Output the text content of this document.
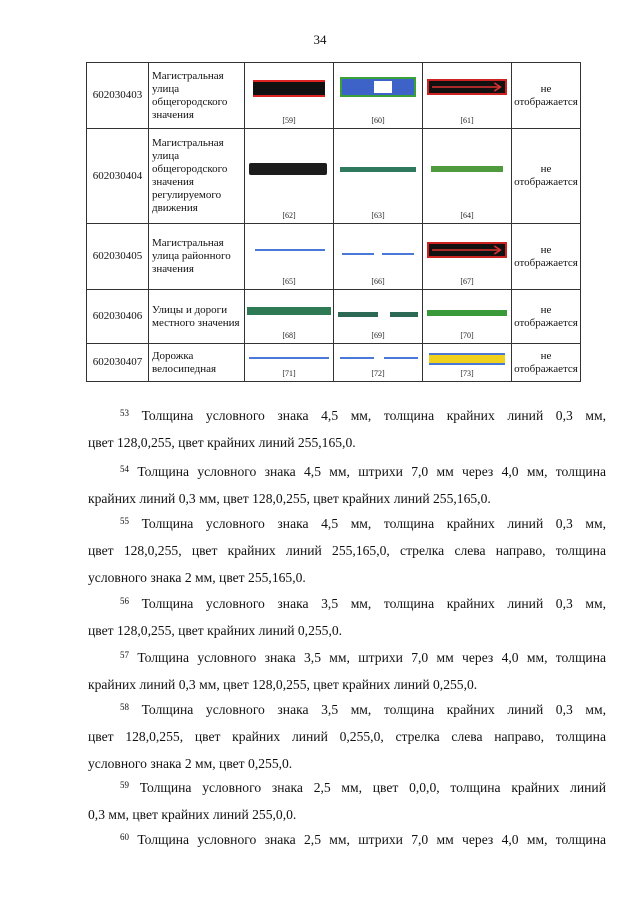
34
602030403	Магистральная улица общегородского значения	[59]	[60]	[61]	не отображается
602030404	Магистральная улица общегородского значения регулируемого движения	[62]	[63]	[64]	не отображается
602030405	Магистральная улица районного значения	[65]	[66]	[67]	не отображается
602030406	Улицы и дороги местного значения	[68]	[69]	[70]	не отображается
602030407	Дорожка велосипедная	[71]	[72]	[73]	не отображается
$^{53}$ Толщина условного знака 4,5 мм, толщина крайних линий 0,3 мм,
цвет 128,0,255, цвет крайних линий 255,165,0.
$^{54}$ Толщина условного знака 4,5 мм, штрихи 7,0 мм через 4,0 мм, толщина
крайних линий 0,3 мм, цвет 128,0,255, цвет крайних линий 255,165,0.
$^{55}$ Толщина условного знака 4,5 мм, толщина крайних линий 0,3 мм,
цвет 128,0,255, цвет крайних линий 255,165,0, стрелка слева направо, толщина
условного знака 2 мм, цвет 255,165,0.
$^{56}$ Толщина условного знака 3,5 мм, толщина крайних линий 0,3 мм,
цвет 128,0,255, цвет крайних линий 0,255,0.
$^{57}$ Толщина условного знака 3,5 мм, штрихи 7,0 мм через 4,0 мм, толщина
крайних линий 0,3 мм, цвет 128,0,255, цвет крайних линий 0,255,0.
$^{58}$ Толщина условного знака 3,5 мм, толщина крайних линий 0,3 мм,
цвет 128,0,255, цвет крайних линий 0,255,0, стрелка слева направо, толщина
условного знака 2 мм, цвет 0,255,0.
$^{59}$ Толщина условного знака 2,5 мм, цвет 0,0,0, толщина крайних линий
0,3 мм, цвет крайних линий 255,0,0.
$^{60}$ Толщина условного знака 2,5 мм, штрихи 7,0 мм через 4,0 мм, толщина
